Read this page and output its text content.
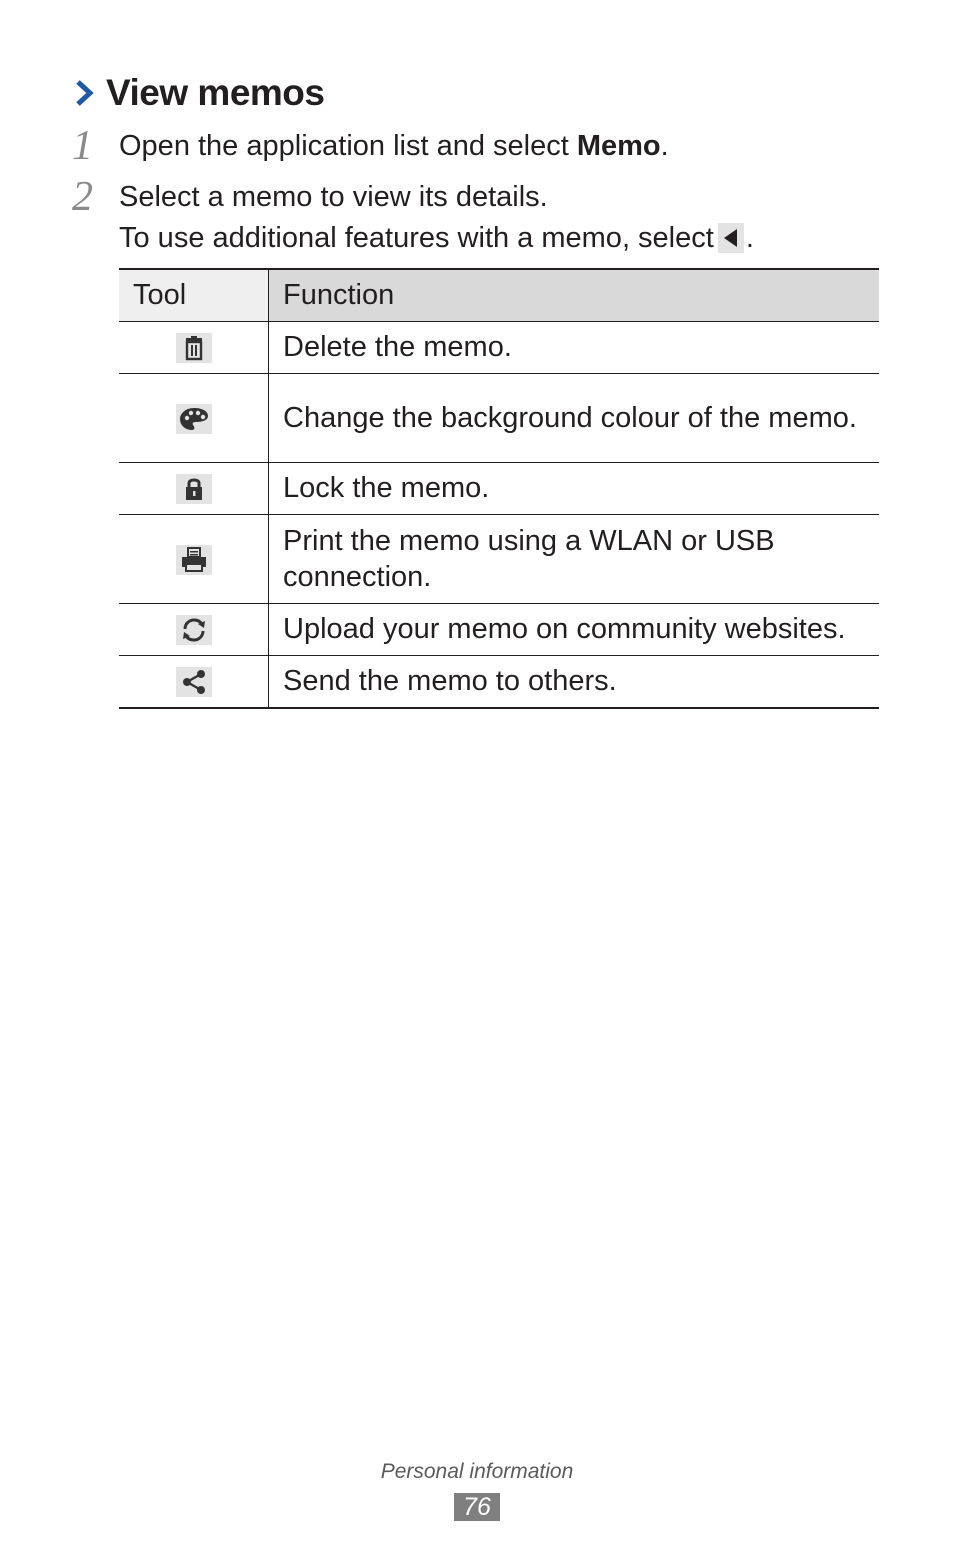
View memos
1 Open the application list and select Memo.
2 Select a memo to view its details.
To use additional features with a memo, select .
Tool	Function

	Delete the memo.

	Change the background colour of the memo.

	Lock the memo.

	Print the memo using a WLAN or USB connection.

	Upload your memo on community websites.

	Send the memo to others.
Personal information
76
